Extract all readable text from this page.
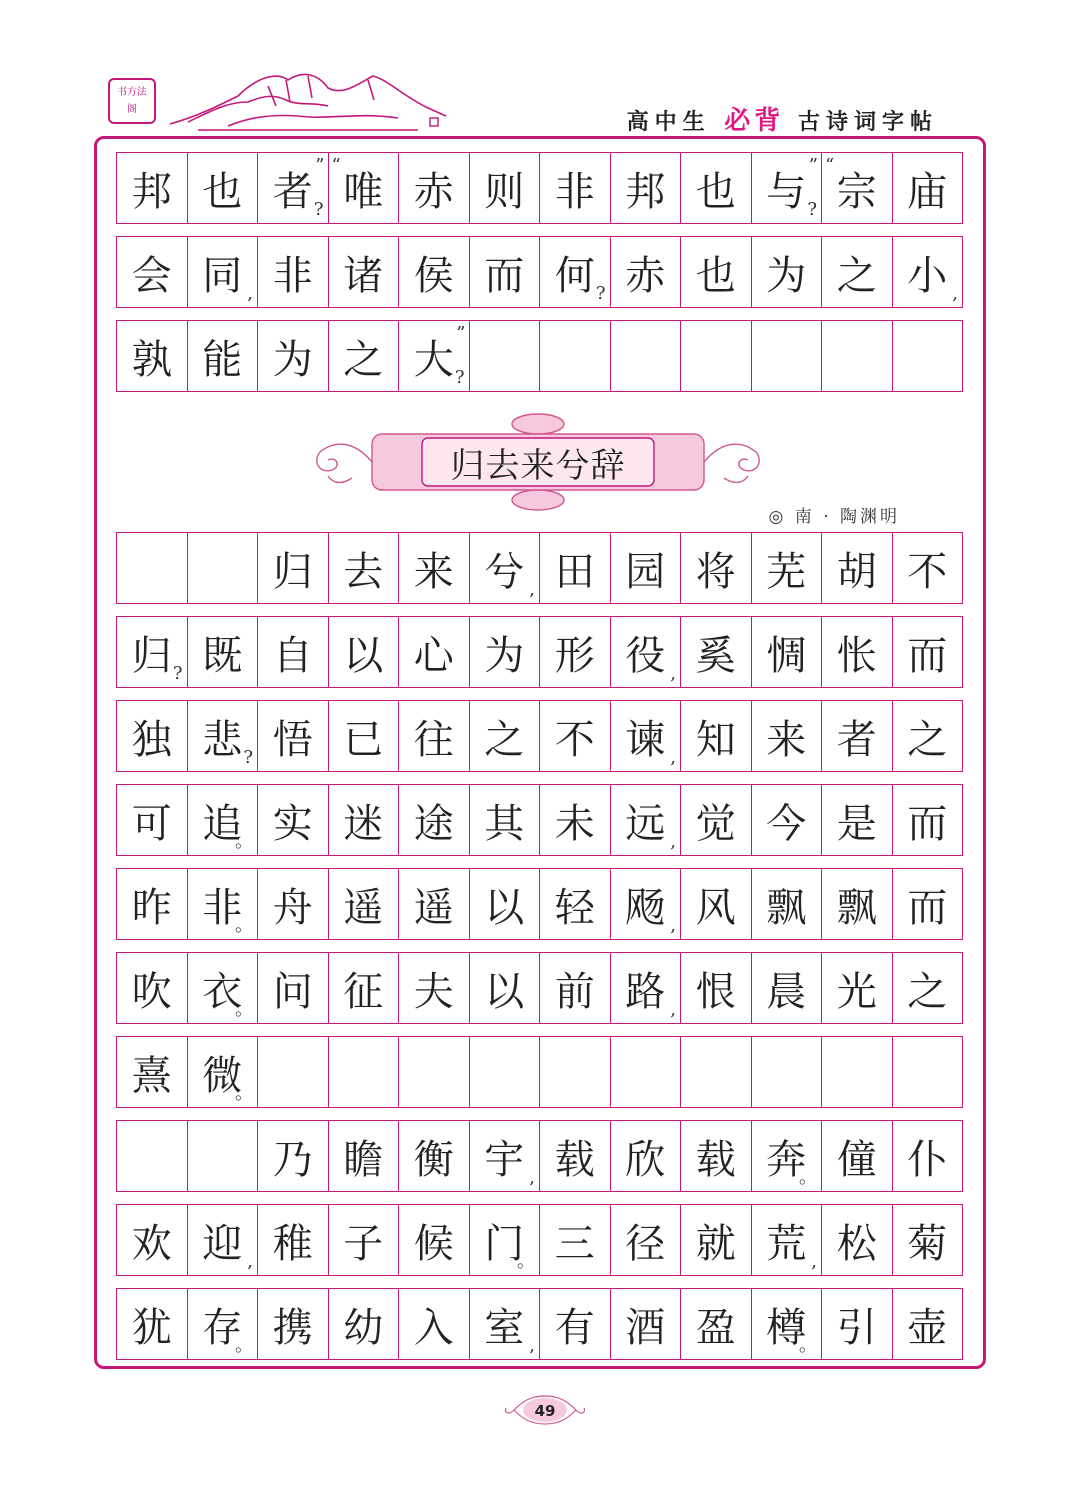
书 方 法
阁
高中生 必背 古诗词字帖
邦 也 者
”
? 唯
“
赤 则 非 邦 也 与
”
? 宗
“
庙
会 同 , 非 诸 侯 而 何 ? 赤 也 为 之 小 ,
孰 能 为 之 大
”
?
归 去 来 兮 , 田 园 将 芜 胡 不
归 ? 既 自 以 心 为 形 役 , 奚 惆 怅 而
独 悲 ? 悟 已 往 之 不 谏 , 知 来 者 之
可 追
。 实 迷 途 其 未 远 , 觉 今 是 而
昨 非
。 舟 遥 遥 以 轻 飏 , 风 飘 飘 而
吹 衣
。 问 征 夫 以 前 路 , 恨 晨 光 之
熹 微
。
乃 瞻 衡 宇 , 载 欣 载 奔
。 僮 仆
欢 迎 , 稚 子 候 门
。 三 径 就 荒 , 松 菊
犹 存
。 携 幼 入 室 , 有 酒 盈 樽
。 引 壶
归去来兮辞
◎ 南 · 陶渊明
49
